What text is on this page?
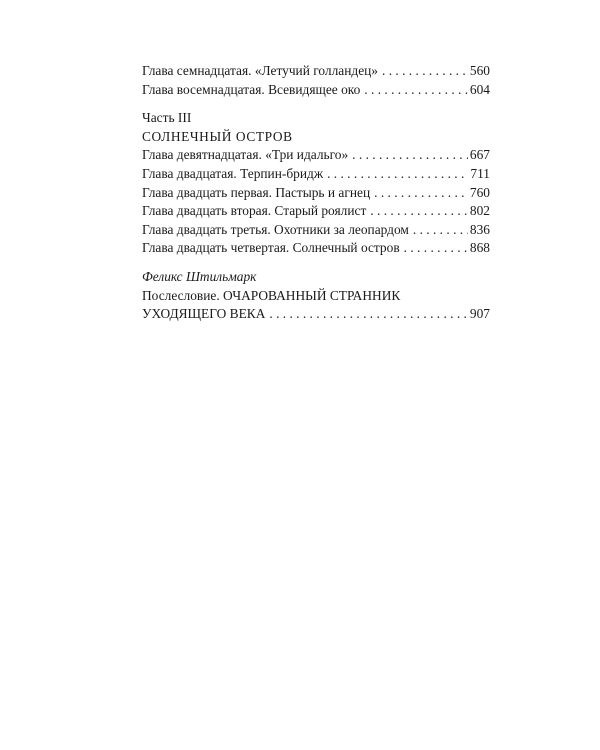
Глава семнадцатая. «Летучий голландец» . . .	560
Глава восемнадцатая. Всевидящее око . . .	604
Часть III
СОЛНЕЧНЫЙ ОСТРОВ
Глава девятнадцатая. «Три идальго» . . .	667
Глава двадцатая. Терпин-бридж . . .	711
Глава двадцать первая. Пастырь и агнец . . .	760
Глава двадцать вторая. Старый роялист . . .	802
Глава двадцать третья. Охотники за леопардом . . .	836
Глава двадцать четвертая. Солнечный остров . . .	868
Феликс Штильмарк
Послесловие. ОЧАРОВАННЫЙ СТРАННИК
УХОДЯЩЕГО ВЕКА . . .	907
